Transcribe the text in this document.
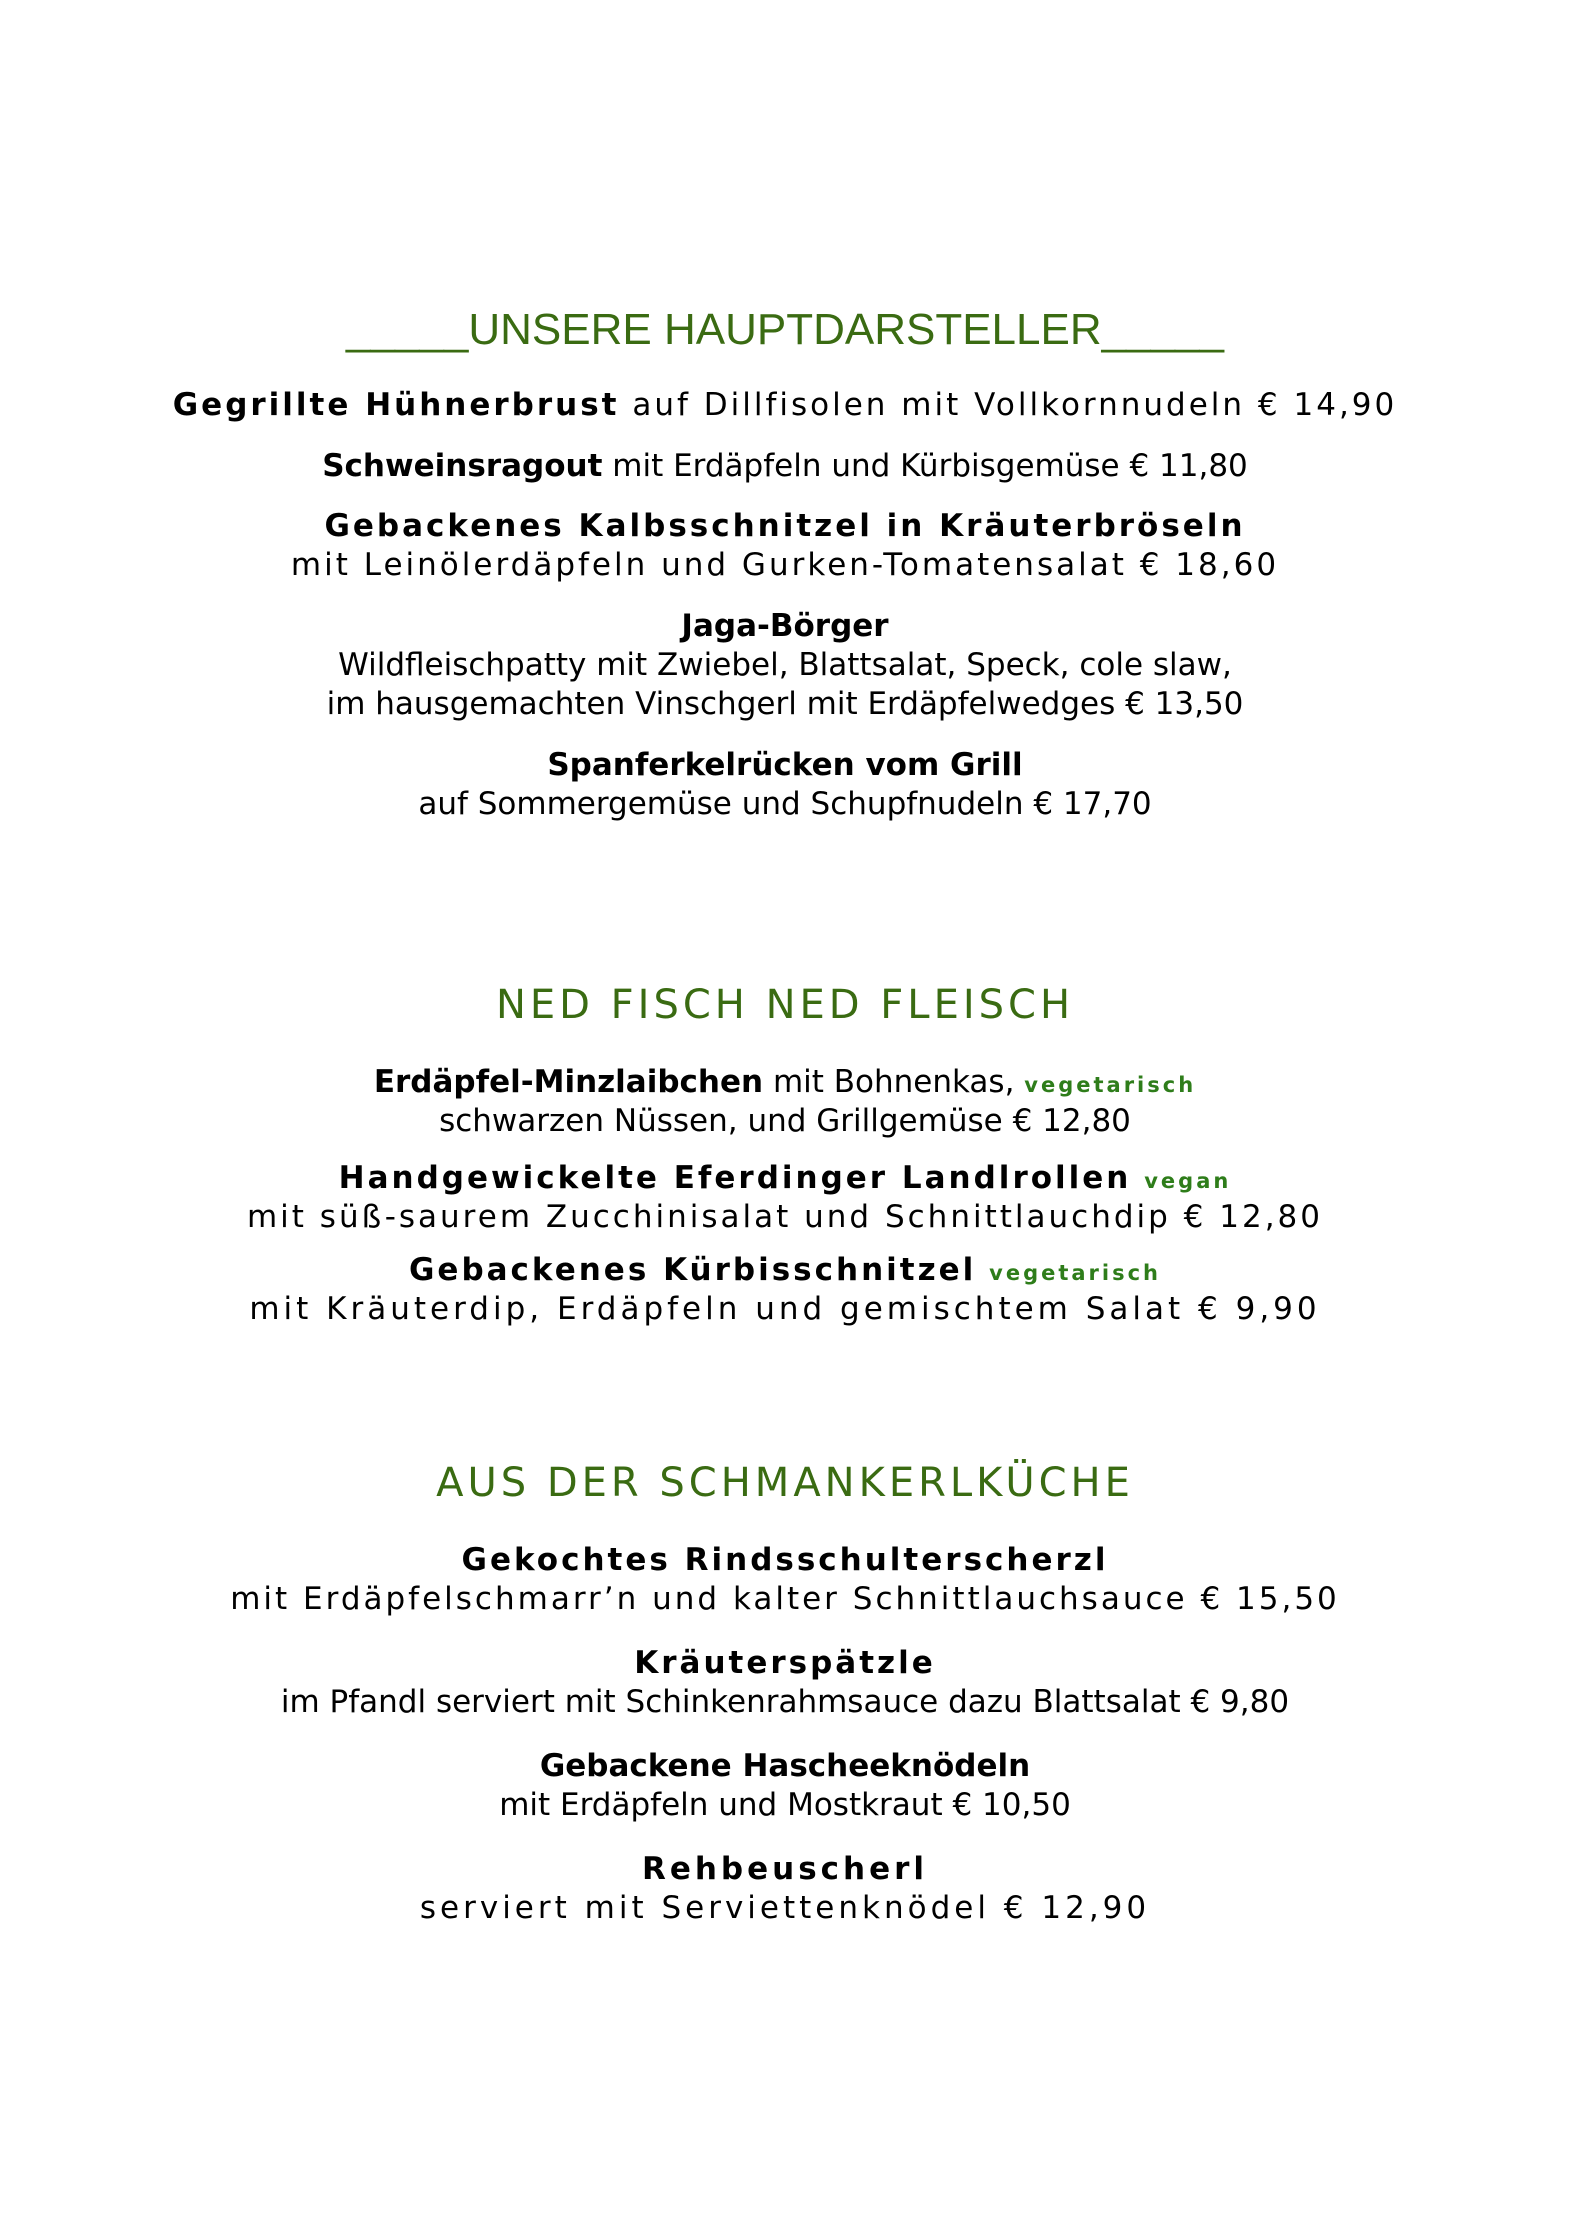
_____UNSERE HAUPTDARSTELLER_____
Gegrillte Hühnerbrust auf Dillfisolen mit Vollkornnudeln € 14,90
Schweinsragout mit Erdäpfeln und Kürbisgemüse € 11,80
Gebackenes Kalbsschnitzel in Kräuterbröseln
mit Leinölerdäpfeln und Gurken-Tomatensalat € 18,60
Jaga-Börger
Wildfleischpatty mit Zwiebel, Blattsalat, Speck, cole slaw,
im hausgemachten Vinschgerl mit Erdäpfelwedges € 13,50
Spanferkelrücken vom Grill
auf Sommergemüse und Schupfnudeln € 17,70
NED FISCH NED FLEISCH
Erdäpfel-Minzlaibchen mit Bohnenkas, vegetarisch
schwarzen Nüssen, und Grillgemüse € 12,80
Handgewickelte Eferdinger Landlrollen vegan
mit süß-saurem Zucchinisalat und Schnittlauchdip € 12,80
Gebackenes Kürbisschnitzel vegetarisch
mit Kräuterdip, Erdäpfeln und gemischtem Salat € 9,90
AUS DER SCHMANKERLKÜCHE
Gekochtes Rindsschulterscherzl
mit Erdäpfelschmarr’n und kalter Schnittlauchsauce € 15,50
Kräuterspätzle
im Pfandl serviert mit Schinkenrahmsauce dazu Blattsalat € 9,80
Gebackene Hascheeknödeln
mit Erdäpfeln und Mostkraut € 10,50
Rehbeuscherl
serviert mit Serviettenknödel € 12,90
